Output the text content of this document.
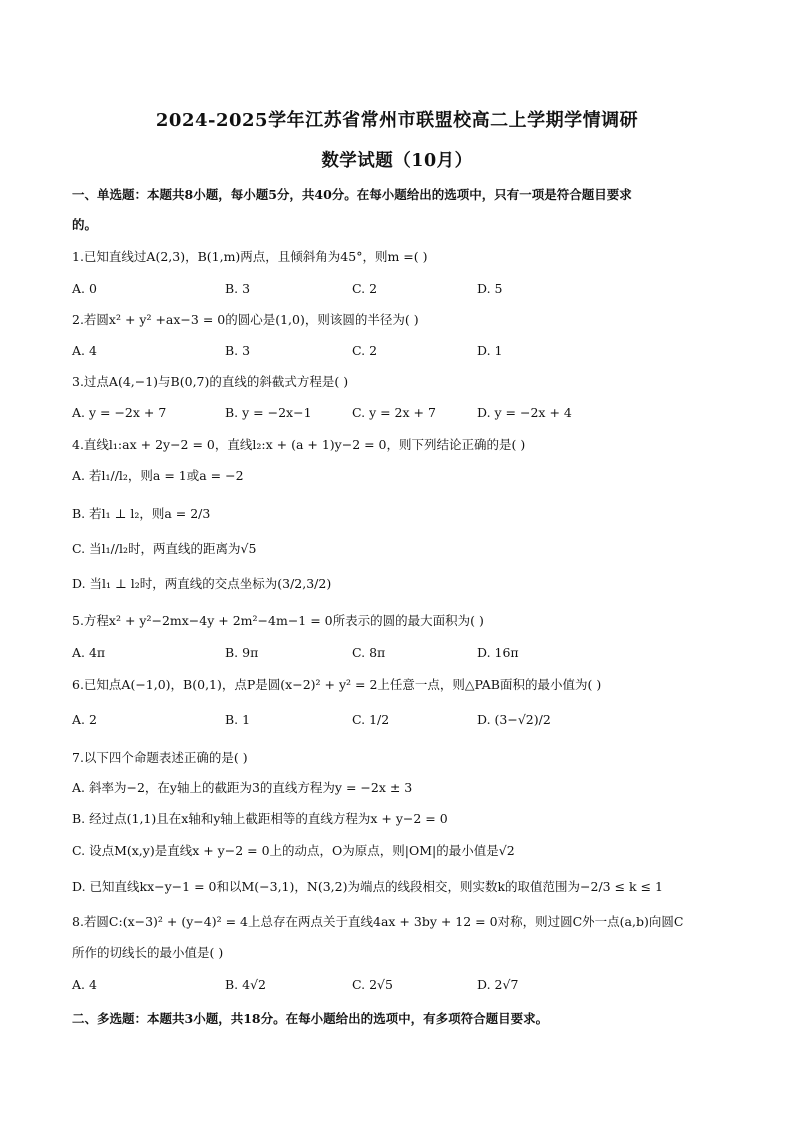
2024-2025学年江苏省常州市联盟校高二上学期学情调研
数学试题（10月）
一、单选题：本题共8小题，每小题5分，共40分。在每小题给出的选项中，只有一项是符合题目要求
的。
1.已知直线过A(2,3)，B(1,m)两点，且倾斜角为45°，则m =( )
A. 0	B. 3	C. 2	D. 5
2.若圆x² + y² +ax−3 = 0的圆心是(1,0)，则该圆的半径为( )
A. 4	B. 3	C. 2	D. 1
3.过点A(4,−1)与B(0,7)的直线的斜截式方程是( )
A. y = −2x + 7	B. y = −2x−1	C. y = 2x + 7	D. y = −2x + 4
4.直线l₁:ax + 2y−2 = 0，直线l₂:x + (a + 1)y−2 = 0，则下列结论正确的是( )
A. 若l₁//l₂，则a = 1或a = −2
B. 若l₁ ⊥ l₂，则a = 2/3
C. 当l₁//l₂时，两直线的距离为√5
D. 当l₁ ⊥ l₂时，两直线的交点坐标为(3/2,3/2)
5.方程x² + y²−2mx−4y + 2m²−4m−1 = 0所表示的圆的最大面积为( )
A. 4π	B. 9π	C. 8π	D. 16π
6.已知点A(−1,0)，B(0,1)，点P是圆(x−2)² + y² = 2上任意一点，则△PAB面积的最小值为( )
A. 2	B. 1	C. 1/2	D. (3−√2)/2
7.以下四个命题表述正确的是( )
A. 斜率为−2，在y轴上的截距为3的直线方程为y = −2x ± 3
B. 经过点(1,1)且在x轴和y轴上截距相等的直线方程为x + y−2 = 0
C. 设点M(x,y)是直线x + y−2 = 0上的动点，O为原点，则|OM|的最小值是√2
D. 已知直线kx−y−1 = 0和以M(−3,1)，N(3,2)为端点的线段相交，则实数k的取值范围为−2/3 ≤ k ≤ 1
8.若圆C:(x−3)² + (y−4)² = 4上总存在两点关于直线4ax + 3by + 12 = 0对称，则过圆C外一点(a,b)向圆C
所作的切线长的最小值是( )
A. 4	B. 4√2	C. 2√5	D. 2√7
二、多选题：本题共3小题，共18分。在每小题给出的选项中，有多项符合题目要求。
